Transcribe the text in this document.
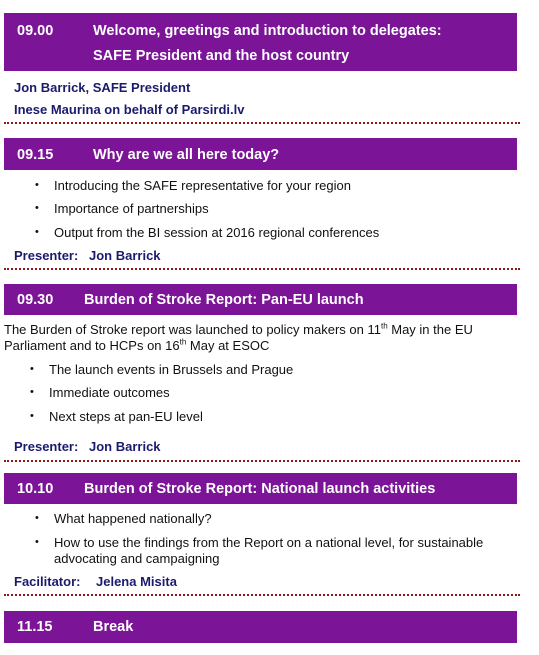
09.00	Welcome, greetings and introduction to delegates:
SAFE President and the host country
Jon Barrick, SAFE President
Inese Maurina on behalf of Parsirdi.lv
09.15	Why are we all here today?
• Introducing the SAFE representative for your region
• Importance of partnerships
• Output from the BI session at 2016 regional conferences
Presenter: Jon Barrick
09.30 Burden of Stroke Report: Pan-EU launch
The Burden of Stroke report was launched to policy makers on 11th May in the EU
Parliament and to HCPs on 16th May at ESOC
• The launch events in Brussels and Prague
• Immediate outcomes
• Next steps at pan-EU level
Presenter: Jon Barrick
10.10 Burden of Stroke Report: National launch activities
• What happened nationally?
• How to use the findings from the Report on a national level, for sustainable
advocating and campaigning
Facilitator: Jelena Misita
11.15	Break
